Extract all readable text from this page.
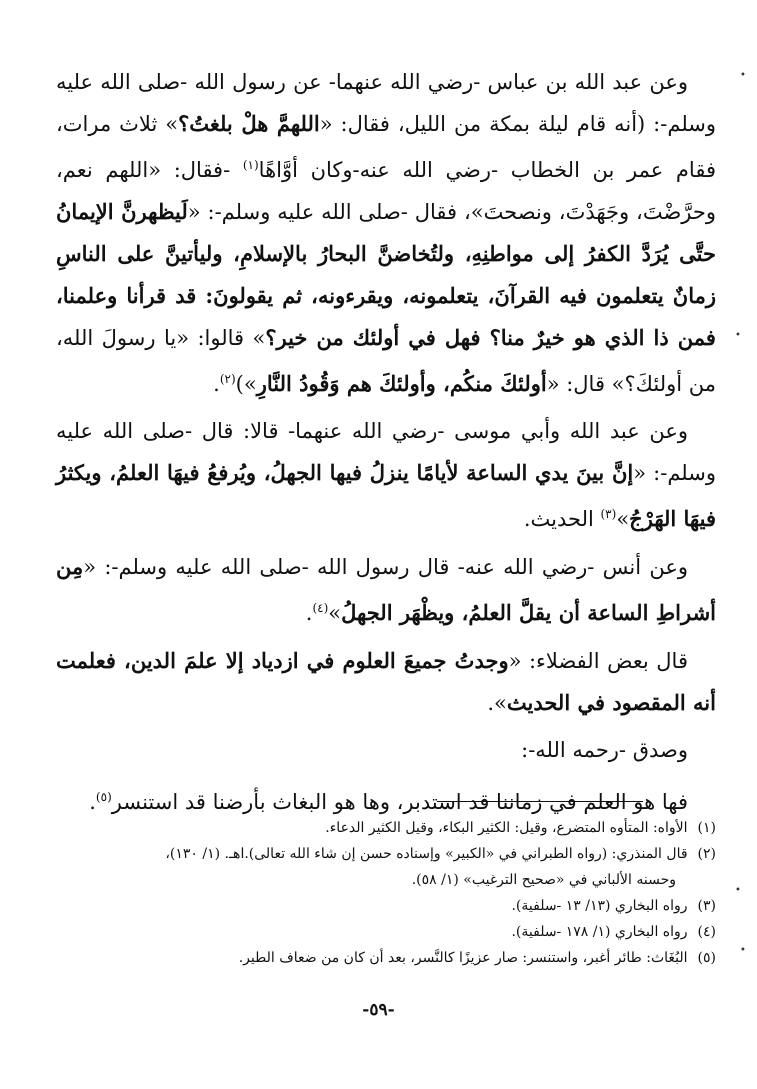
وعن عبد الله بن عباس -رضي الله عنهما- عن رسول الله -صلى الله عليه وسلم-: (أنه قام ليلة بمكة من الليل، فقال: «اللهمَّ هلْ بلغتُ؟» ثلاث مرات، فقام عمر بن الخطاب -رضي الله عنه-وكان أوَّاهًا$^{(١)}$ -فقال: «اللهم نعم، وحرَّضْتَ، وجَهَدْتَ، ونصحتَ»، فقال -صلى الله عليه وسلم-: «لَيظهرنَّ الإيمانُ حتَّى يُرَدَّ الكفرُ إلى مواطنِهِ، ولتُخاضنَّ البحارُ بالإسلامِ، وليأتينَّ على الناسِ زمانٌ يتعلمون فيه القرآنَ، يتعلمونه، ويقرءونه، ثم يقولونَ: قد قرأنا وعلمنا، فمن ذا الذي هو خيرٌ منا؟ فهل في أولئك من خير؟» قالوا: «يا رسولَ الله، من أولئكَ؟» قال: «أولئكَ منكُم، وأولئكَ هم وَقُودُ النَّارِ»)$^{(٢)}$.

وعن عبد الله وأبي موسى -رضي الله عنهما- قالا: قال -صلى الله عليه وسلم-: «إنَّ بينَ يدي الساعة لأيامًا ينزلُ فيها الجهلُ، ويُرفعُ فيهَا العلمُ، ويكثرُ فيهَا الهَرْجُ»$^{(٣)}$ الحديث.

وعن أنس -رضي الله عنه- قال رسول الله -صلى الله عليه وسلم-: «مِن أشراطِ الساعة أن يقلَّ العلمُ، ويظْهَر الجهلُ»$^{(٤)}$.

قال بعض الفضلاء: «وجدتُ جميعَ العلوم في ازدياد إلا علمَ الدين، فعلمت أنه المقصود في الحديث».

وصدق -رحمه الله-:

فها هو العلم في زماننا قد استدبر، وها هو البغاث بأرضنا قد استنسر$^{(٥)}$.

(١)الأواه: المتأوه المتضرع، وقيل: الكثير البكاء، وقيل الكثير الدعاء.

(٢)قال المنذري: (رواه الطبراني في «الكبير» وإسناده حسن إن شاء الله تعالى).اهـ. (١/ ١٣٠)،

وحسنه الألباني في «صحيح الترغيب» (١/ ٥٨).

(٣)رواه البخاري (١٣/ ١٣ -سلفية).

(٤)رواه البخاري (١/ ١٧٨ -سلفية).

(٥)البُغَاث: طائر أغبر، واستنسر: صار عزيزًا كالنَّسر، بعد أن كان من ضعاف الطير.

-٥٩-
•
•
•
•
